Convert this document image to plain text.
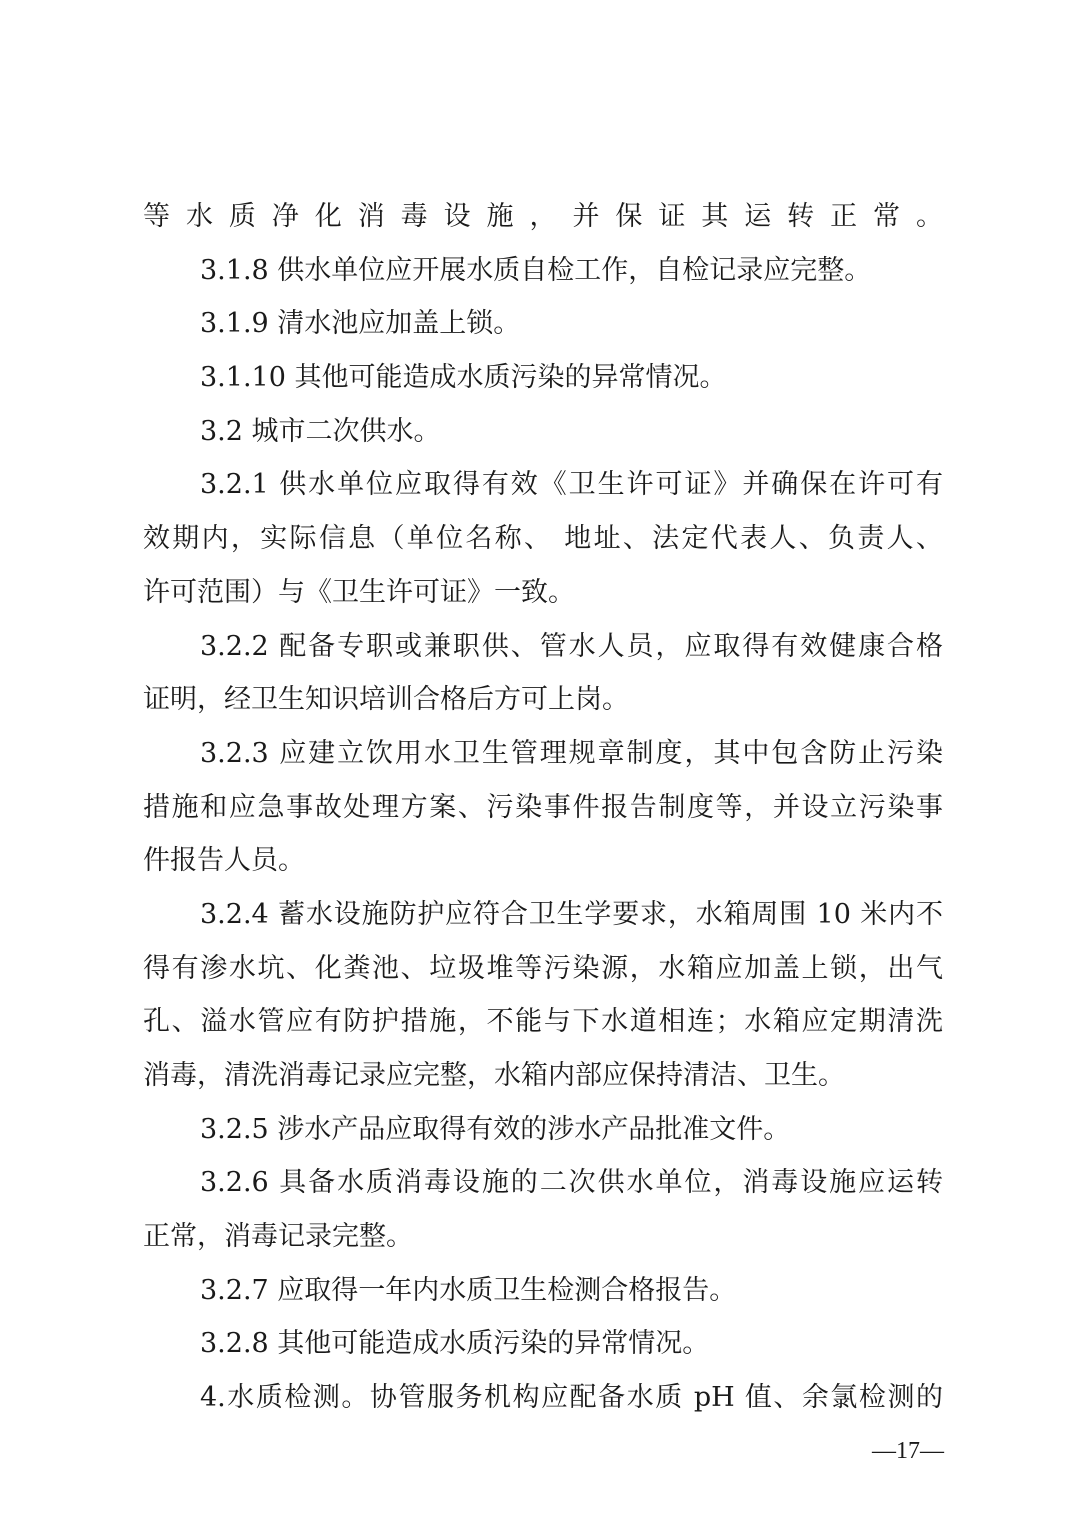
等水质净化消毒设施，并保证其运转正常。
3.1.8 供水单位应开展水质自检工作，自检记录应完整。
3.1.9 清水池应加盖上锁。
3.1.10 其他可能造成水质污染的异常情况。
3.2 城市二次供水。
3.2.1 供水单位应取得有效《卫生许可证》并确保在许可有
效期内，实际信息（单位名称、 地址、法定代表人、负责人、
许可范围）与《卫生许可证》一致。
3.2.2 配备专职或兼职供、管水人员，应取得有效健康合格
证明，经卫生知识培训合格后方可上岗。
3.2.3 应建立饮用水卫生管理规章制度，其中包含防止污染
措施和应急事故处理方案、污染事件报告制度等，并设立污染事
件报告人员。
3.2.4 蓄水设施防护应符合卫生学要求，水箱周围 10 米内不
得有渗水坑、化粪池、垃圾堆等污染源，水箱应加盖上锁，出气
孔、溢水管应有防护措施，不能与下水道相连；水箱应定期清洗
消毒，清洗消毒记录应完整，水箱内部应保持清洁、卫生。
3.2.5 涉水产品应取得有效的涉水产品批准文件。
3.2.6 具备水质消毒设施的二次供水单位，消毒设施应运转
正常，消毒记录完整。
3.2.7 应取得一年内水质卫生检测合格报告。
3.2.8 其他可能造成水质污染的异常情况。
4.水质检测。协管服务机构应配备水质 pH 值、余氯检测的
—17—
